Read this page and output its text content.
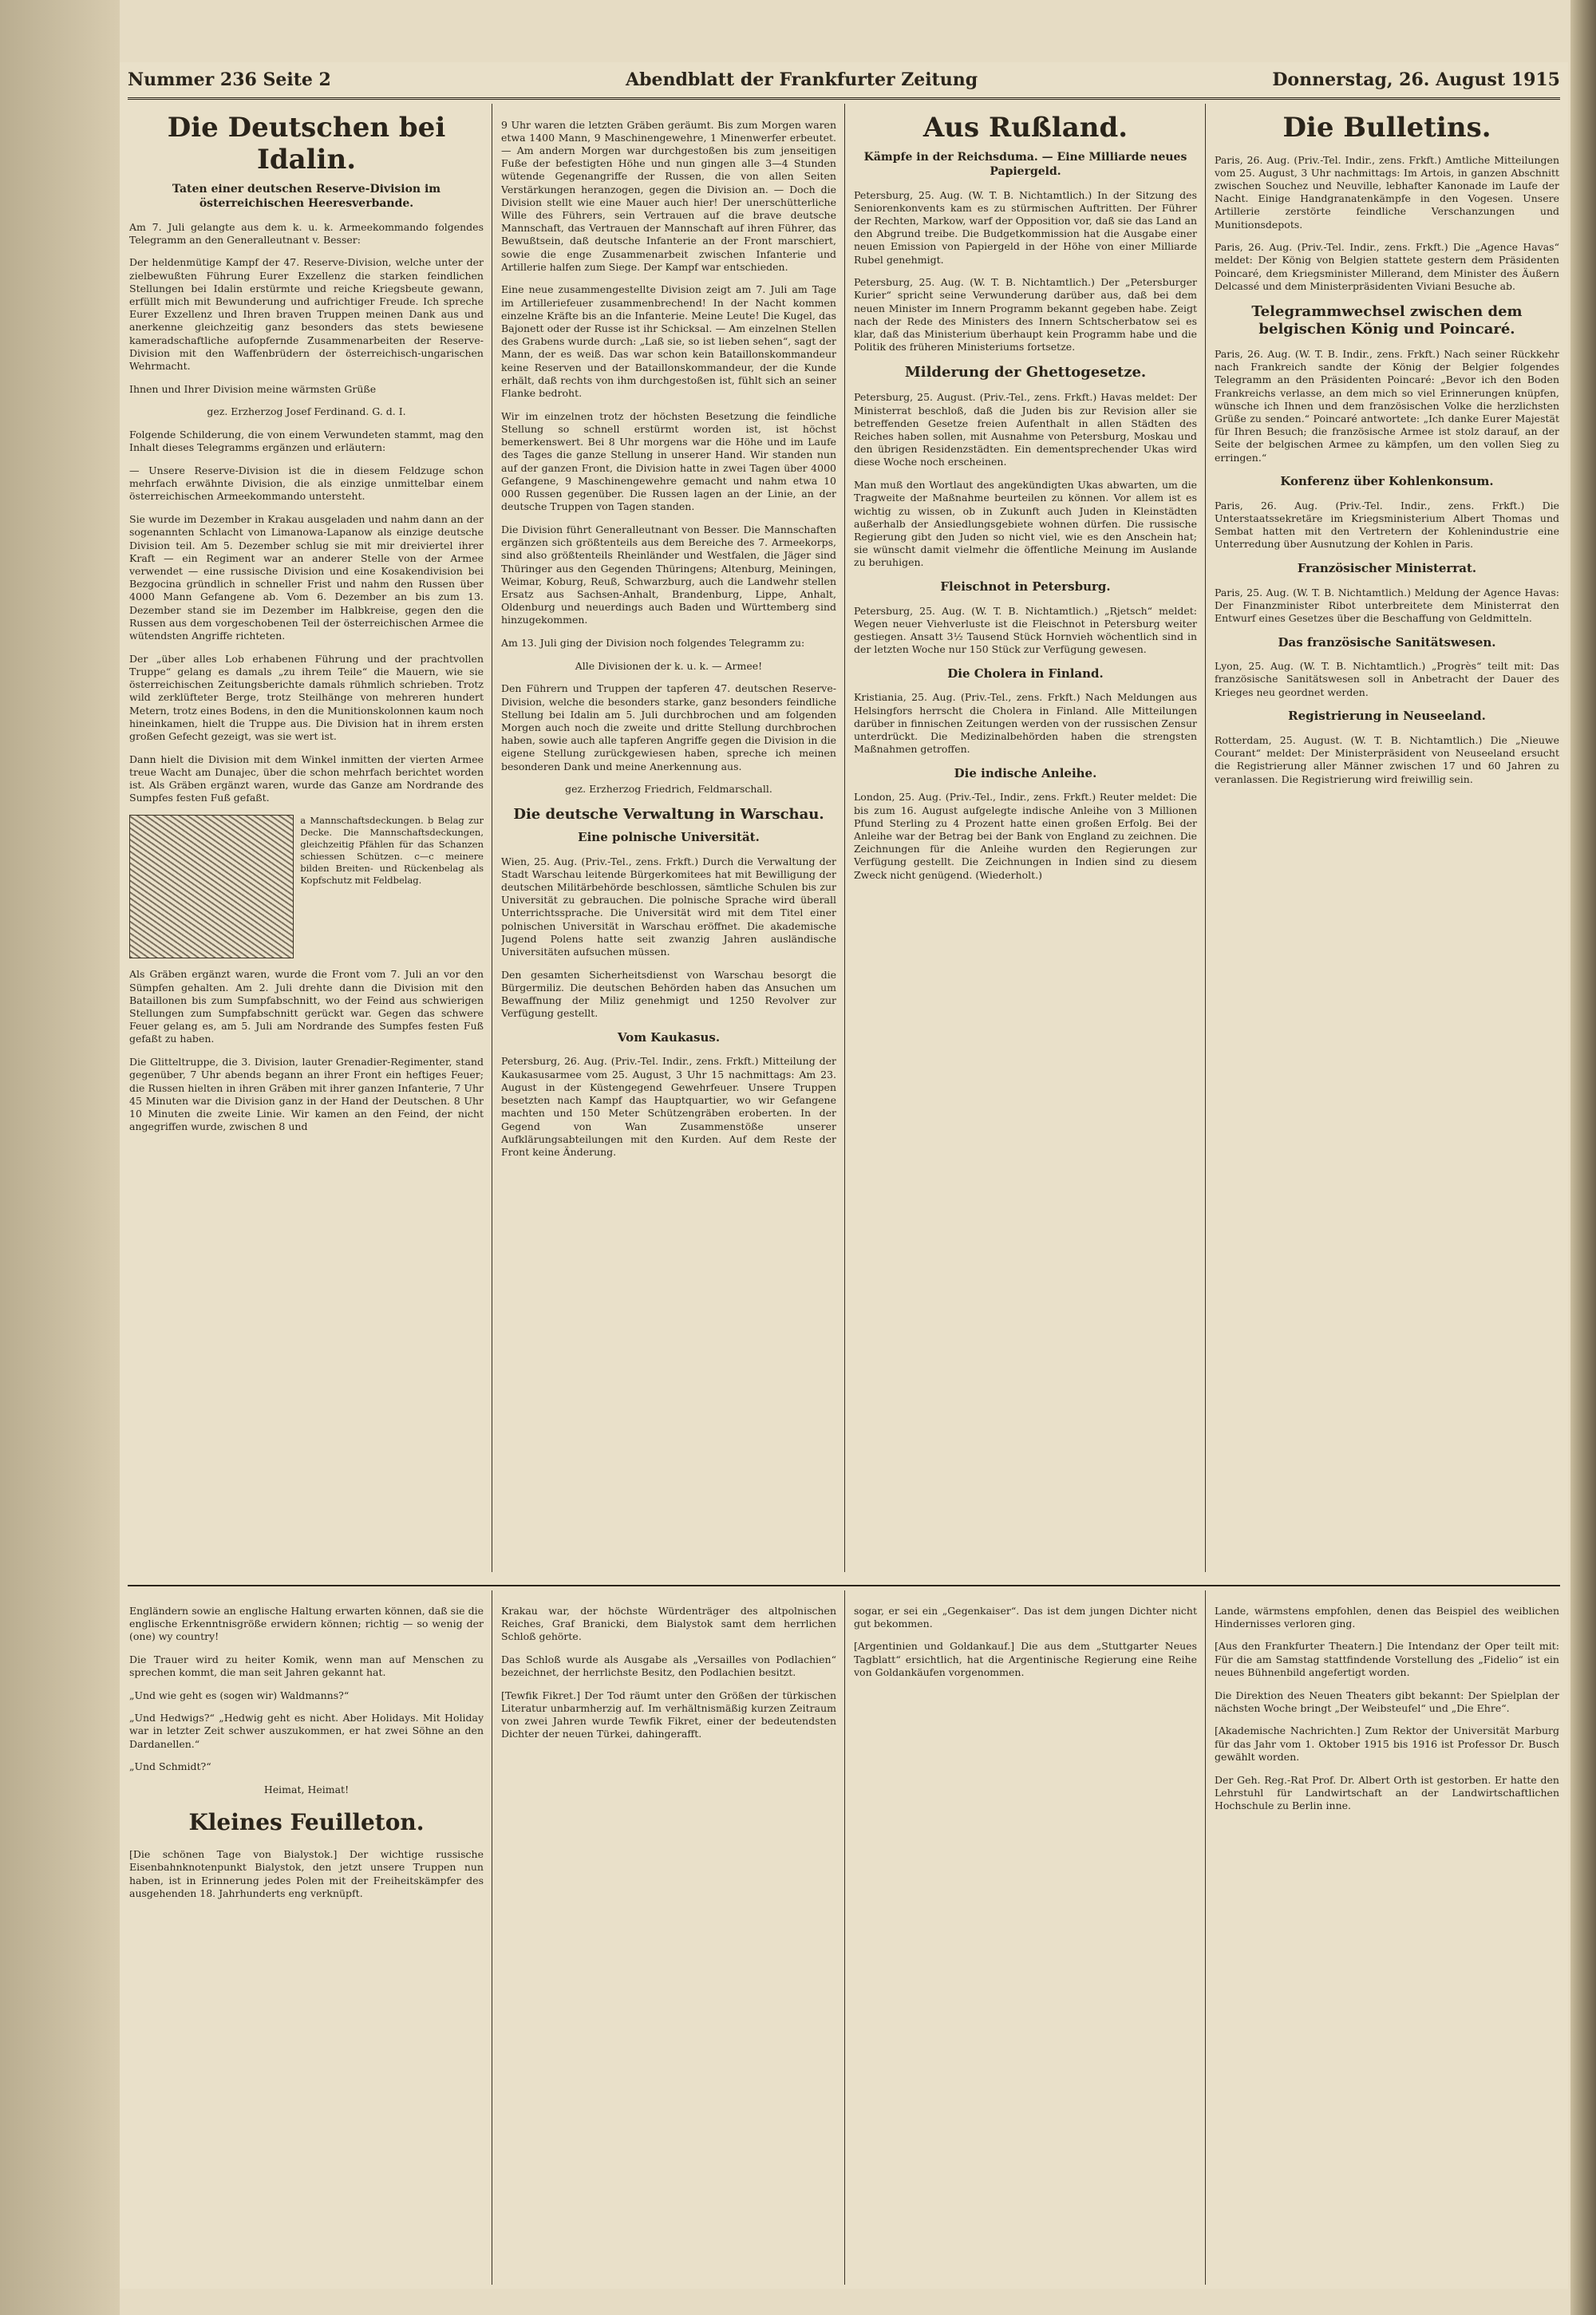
Nummer 236 Seite 2	Abendblatt der Frankfurter Zeitung	Donnerstag, 26. August 1915
Die Deutschen bei Idalin.
Taten einer deutschen Reserve-Division im österreichischen Heeresverbande.

Am 7. Juli gelangte aus dem k. u. k. Armeekommando folgendes Telegramm an den Generalleutnant v. Besser:

Der heldenmütige Kampf der 47. Reserve-Division, welche unter der zielbewußten Führung Eurer Exzellenz die starken feindlichen Stellungen bei Idalin erstürmte und reiche Kriegsbeute gewann, erfüllt mich mit Bewunderung und aufrichtiger Freude. Ich spreche Eurer Exzellenz und Ihren braven Truppen meinen Dank aus und anerkenne gleichzeitig ganz besonders das stets bewiesene kameradschaftliche aufopfernde Zusammenarbeiten der Reserve-Division mit den Waffenbrüdern der österreichisch-ungarischen Wehrmacht.

Ihnen und Ihrer Division meine wärmsten Grüße

gez. Erzherzog Josef Ferdinand. G. d. I.

Folgende Schilderung, die von einem Verwundeten stammt, mag den Inhalt dieses Telegramms ergänzen und erläutern:

— Unsere Reserve-Division ist die in diesem Feldzuge schon mehrfach erwähnte Division, die als einzige unmittelbar einem österreichischen Armeekommando untersteht.

Sie wurde im Dezember in Krakau ausgeladen und nahm dann an der sogenannten Schlacht von Limanowa-Lapanow als einzige deutsche Division teil. Am 5. Dezember schlug sie mit mir dreiviertel ihrer Kraft — ein Regiment war an anderer Stelle von der Armee verwendet — eine russische Division und eine Kosakendivision bei Bezgocina gründlich in schneller Frist und nahm den Russen über 4000 Mann Gefangene ab. Vom 6. Dezember an bis zum 13. Dezember stand sie im Dezember im Halbkreise, gegen den die Russen aus dem vorgeschobenen Teil der österreichischen Armee die wütendsten Angriffe richteten.

Der „über alles Lob erhabenen Führung und der prachtvollen Truppe“ gelang es damals „zu ihrem Teile“ die Mauern, wie sie österreichischen Zeitungsberichte damals rühmlich schrieben. Trotz wild zerklüfteter Berge, trotz Steilhänge von mehreren hundert Metern, trotz eines Bodens, in den die Munitionskolonnen kaum noch hineinkamen, hielt die Truppe aus. Die Division hat in ihrem ersten großen Gefecht gezeigt, was sie wert ist.

Dann hielt die Division mit dem Winkel inmitten der vierten Armee treue Wacht am Dunajec, über die schon mehrfach berichtet worden ist. Als Gräben ergänzt waren, wurde das Ganze am Nordrande des Sumpfes festen Fuß gefaßt.

a Mannschaftsdeckungen. b Belag zur Decke. Die Mannschaftsdeckungen, gleichzeitig Pfählen für das Schanzen schiessen Schützen. c—c meinere bilden Breiten- und Rückenbelag als Kopfschutz mit Feldbelag.

Als Gräben ergänzt waren, wurde die Front vom 7. Juli an vor den Sümpfen gehalten. Am 2. Juli drehte dann die Division mit den Bataillonen bis zum Sumpfabschnitt, wo der Feind aus schwierigen Stellungen zum Sumpfabschnitt gerückt war. Gegen das schwere Feuer gelang es, am 5. Juli am Nordrande des Sumpfes festen Fuß gefaßt zu haben.

Die Glitteltruppe, die 3. Division, lauter Grenadier-Regimenter, stand gegenüber, 7 Uhr abends begann an ihrer Front ein heftiges Feuer; die Russen hielten in ihren Gräben mit ihrer ganzen Infanterie, 7 Uhr 45 Minuten war die Division ganz in der Hand der Deutschen. 8 Uhr 10 Minuten die zweite Linie. Wir kamen an den Feind, der nicht angegriffen wurde, zwischen 8 und

9 Uhr waren die letzten Gräben geräumt. Bis zum Morgen waren etwa 1400 Mann, 9 Maschinengewehre, 1 Minenwerfer erbeutet. — Am andern Morgen war durchgestoßen bis zum jenseitigen Fuße der befestigten Höhe und nun gingen alle 3—4 Stunden wütende Gegenangriffe der Russen, die von allen Seiten Verstärkungen heranzogen, gegen die Division an. — Doch die Division stellt wie eine Mauer auch hier! Der unerschütterliche Wille des Führers, sein Vertrauen auf die brave deutsche Mannschaft, das Vertrauen der Mannschaft auf ihren Führer, das Bewußtsein, daß deutsche Infanterie an der Front marschiert, sowie die enge Zusammenarbeit zwischen Infanterie und Artillerie halfen zum Siege. Der Kampf war entschieden.

Eine neue zusammengestellte Division zeigt am 7. Juli am Tage im Artilleriefeuer zusammenbrechend! In der Nacht kommen einzelne Kräfte bis an die Infanterie. Meine Leute! Die Kugel, das Bajonett oder der Russe ist ihr Schicksal. — Am einzelnen Stellen des Grabens wurde durch: „Laß sie, so ist lieben sehen“, sagt der Mann, der es weiß. Das war schon kein Bataillonskommandeur keine Reserven und der Bataillonskommandeur, der die Kunde erhält, daß rechts von ihm durchgestoßen ist, fühlt sich an seiner Flanke bedroht.

Wir im einzelnen trotz der höchsten Besetzung die feindliche Stellung so schnell erstürmt worden ist, ist höchst bemerkenswert. Bei 8 Uhr morgens war die Höhe und im Laufe des Tages die ganze Stellung in unserer Hand. Wir standen nun auf der ganzen Front, die Division hatte in zwei Tagen über 4000 Gefangene, 9 Maschinengewehre gemacht und nahm etwa 10 000 Russen gegenüber. Die Russen lagen an der Linie, an der deutsche Truppen von Tagen standen.

Die Division führt Generalleutnant von Besser. Die Mannschaften ergänzen sich größtenteils aus dem Bereiche des 7. Armeekorps, sind also größtenteils Rheinländer und Westfalen, die Jäger sind Thüringer aus den Gegenden Thüringens; Altenburg, Meiningen, Weimar, Koburg, Reuß, Schwarzburg, auch die Landwehr stellen Ersatz aus Sachsen-Anhalt, Brandenburg, Lippe, Anhalt, Oldenburg und neuerdings auch Baden und Württemberg sind hinzugekommen.

Am 13. Juli ging der Division noch folgendes Telegramm zu:

Alle Divisionen der k. u. k. — Armee!

Den Führern und Truppen der tapferen 47. deutschen Reserve-Division, welche die besonders starke, ganz besonders feindliche Stellung bei Idalin am 5. Juli durchbrochen und am folgenden Morgen auch noch die zweite und dritte Stellung durchbrochen haben, sowie auch alle tapferen Angriffe gegen die Division in die eigene Stellung zurückgewiesen haben, spreche ich meinen besonderen Dank und meine Anerkennung aus.

gez. Erzherzog Friedrich, Feldmarschall.

Die deutsche Verwaltung in Warschau.
Eine polnische Universität.

Wien, 25. Aug. (Priv.-Tel., zens. Frkft.) Durch die Verwaltung der Stadt Warschau leitende Bürgerkomitees hat mit Bewilligung der deutschen Militärbehörde beschlossen, sämtliche Schulen bis zur Universität zu gebrauchen. Die polnische Sprache wird überall Unterrichtssprache. Die Universität wird mit dem Titel einer polnischen Universität in Warschau eröffnet. Die akademische Jugend Polens hatte seit zwanzig Jahren ausländische Universitäten aufsuchen müssen.

Den gesamten Sicherheitsdienst von Warschau besorgt die Bürgermiliz. Die deutschen Behörden haben das Ansuchen um Bewaffnung der Miliz genehmigt und 1250 Revolver zur Verfügung gestellt.

Vom Kaukasus.

Petersburg, 26. Aug. (Priv.-Tel. Indir., zens. Frkft.) Mitteilung der Kaukasusarmee vom 25. August, 3 Uhr 15 nachmittags: Am 23. August in der Küstengegend Gewehrfeuer. Unsere Truppen besetzten nach Kampf das Hauptquartier, wo wir Gefangene machten und 150 Meter Schützengräben eroberten. In der Gegend von Wan Zusammenstöße unserer Aufklärungsabteilungen mit den Kurden. Auf dem Reste der Front keine Änderung.

Aus Rußland.
Kämpfe in der Reichsduma. — Eine Milliarde neues Papiergeld.

Petersburg, 25. Aug. (W. T. B. Nichtamtlich.) In der Sitzung des Seniorenkonvents kam es zu stürmischen Auftritten. Der Führer der Rechten, Markow, warf der Opposition vor, daß sie das Land an den Abgrund treibe. Die Budgetkommission hat die Ausgabe einer neuen Emission von Papiergeld in der Höhe von einer Milliarde Rubel genehmigt.

Petersburg, 25. Aug. (W. T. B. Nichtamtlich.) Der „Petersburger Kurier“ spricht seine Verwunderung darüber aus, daß bei dem neuen Minister im Innern Programm bekannt gegeben habe. Zeigt nach der Rede des Ministers des Innern Schtscherbatow sei es klar, daß das Ministerium überhaupt kein Programm habe und die Politik des früheren Ministeriums fortsetze.

Milderung der Ghettogesetze.

Petersburg, 25. August. (Priv.-Tel., zens. Frkft.) Havas meldet: Der Ministerrat beschloß, daß die Juden bis zur Revision aller sie betreffenden Gesetze freien Aufenthalt in allen Städten des Reiches haben sollen, mit Ausnahme von Petersburg, Moskau und den übrigen Residenzstädten. Ein dementsprechender Ukas wird diese Woche noch erscheinen.

Man muß den Wortlaut des angekündigten Ukas abwarten, um die Tragweite der Maßnahme beurteilen zu können. Vor allem ist es wichtig zu wissen, ob in Zukunft auch Juden in Kleinstädten außerhalb der Ansiedlungsgebiete wohnen dürfen. Die russische Regierung gibt den Juden so nicht viel, wie es den Anschein hat; sie wünscht damit vielmehr die öffentliche Meinung im Auslande zu beruhigen.

Fleischnot in Petersburg.

Petersburg, 25. Aug. (W. T. B. Nichtamtlich.) „Rjetsch“ meldet: Wegen neuer Viehverluste ist die Fleischnot in Petersburg weiter gestiegen. Ansatt 3½ Tausend Stück Hornvieh wöchentlich sind in der letzten Woche nur 150 Stück zur Verfügung gewesen.

Die Cholera in Finland.

Kristiania, 25. Aug. (Priv.-Tel., zens. Frkft.) Nach Meldungen aus Helsingfors herrscht die Cholera in Finland. Alle Mitteilungen darüber in finnischen Zeitungen werden von der russischen Zensur unterdrückt. Die Medizinalbehörden haben die strengsten Maßnahmen getroffen.

Die indische Anleihe.

London, 25. Aug. (Priv.-Tel., Indir., zens. Frkft.) Reuter meldet: Die bis zum 16. August aufgelegte indische Anleihe von 3 Millionen Pfund Sterling zu 4 Prozent hatte einen großen Erfolg. Bei der Anleihe war der Betrag bei der Bank von England zu zeichnen. Die Zeichnungen für die Anleihe wurden den Regierungen zur Verfügung gestellt. Die Zeichnungen in Indien sind zu diesem Zweck nicht genügend. (Wiederholt.)

Die Bulletins.

Paris, 26. Aug. (Priv.-Tel. Indir., zens. Frkft.) Amtliche Mitteilungen vom 25. August, 3 Uhr nachmittags: Im Artois, in ganzen Abschnitt zwischen Souchez und Neuville, lebhafter Kanonade im Laufe der Nacht. Einige Handgranatenkämpfe in den Vogesen. Unsere Artillerie zerstörte feindliche Verschanzungen und Munitionsdepots.

Paris, 26. Aug. (Priv.-Tel. Indir., zens. Frkft.) Die „Agence Havas“ meldet: Der König von Belgien stattete gestern dem Präsidenten Poincaré, dem Kriegsminister Millerand, dem Minister des Äußern Delcassé und dem Ministerpräsidenten Viviani Besuche ab.

Telegrammwechsel zwischen dem belgischen König und Poincaré.

Paris, 26. Aug. (W. T. B. Indir., zens. Frkft.) Nach seiner Rückkehr nach Frankreich sandte der König der Belgier folgendes Telegramm an den Präsidenten Poincaré: „Bevor ich den Boden Frankreichs verlasse, an dem mich so viel Erinnerungen knüpfen, wünsche ich Ihnen und dem französischen Volke die herzlichsten Grüße zu senden.“ Poincaré antwortete: „Ich danke Eurer Majestät für Ihren Besuch; die französische Armee ist stolz darauf, an der Seite der belgischen Armee zu kämpfen, um den vollen Sieg zu erringen.“

Konferenz über Kohlenkonsum.

Paris, 26. Aug. (Priv.-Tel. Indir., zens. Frkft.) Die Unterstaatssekretäre im Kriegsministerium Albert Thomas und Sembat hatten mit den Vertretern der Kohlenindustrie eine Unterredung über Ausnutzung der Kohlen in Paris.

Französischer Ministerrat.

Paris, 25. Aug. (W. T. B. Nichtamtlich.) Meldung der Agence Havas: Der Finanzminister Ribot unterbreitete dem Ministerrat den Entwurf eines Gesetzes über die Beschaffung von Geldmitteln.

Das französische Sanitätswesen.

Lyon, 25. Aug. (W. T. B. Nichtamtlich.) „Progrès“ teilt mit: Das französische Sanitätswesen soll in Anbetracht der Dauer des Krieges neu geordnet werden.

Registrierung in Neuseeland.

Rotterdam, 25. August. (W. T. B. Nichtamtlich.) Die „Nieuwe Courant“ meldet: Der Ministerpräsident von Neuseeland ersucht die Registrierung aller Männer zwischen 17 und 60 Jahren zu veranlassen. Die Registrierung wird freiwillig sein.

Engländern sowie an englische Haltung erwarten können, daß sie die englische Erkenntnisgröße erwidern können; richtig — so wenig der (one) wy country!

Die Trauer wird zu heiter Komik, wenn man auf Menschen zu sprechen kommt, die man seit Jahren gekannt hat.

„Und wie geht es (sogen wir) Waldmanns?“

„Und Hedwigs?“ „Hedwig geht es nicht. Aber Holidays. Mit Holiday war in letzter Zeit schwer auszukommen, er hat zwei Söhne an den Dardanellen.“

„Und Schmidt?“

Heimat, Heimat!

Kleines Feuilleton.

[Die schönen Tage von Bialystok.] Der wichtige russische Eisenbahnknotenpunkt Bialystok, den jetzt unsere Truppen nun haben, ist in Erinnerung jedes Polen mit der Freiheitskämpfer des ausgehenden 18. Jahrhunderts eng verknüpft.

Krakau war, der höchste Würdenträger des altpolnischen Reiches, Graf Branicki, dem Bialystok samt dem herrlichen Schloß gehörte.

Das Schloß wurde als Ausgabe als „Versailles von Podlachien“ bezeichnet, der herrlichste Besitz, den Podlachien besitzt.

[Tewfik Fikret.] Der Tod räumt unter den Größen der türkischen Literatur unbarmherzig auf. Im verhältnismäßig kurzen Zeitraum von zwei Jahren wurde Tewfik Fikret, einer der bedeutendsten Dichter der neuen Türkei, dahingerafft.

sogar, er sei ein „Gegenkaiser“. Das ist dem jungen Dichter nicht gut bekommen.

[Argentinien und Goldankauf.] Die aus dem „Stuttgarter Neues Tagblatt“ ersichtlich, hat die Argentinische Regierung eine Reihe von Goldankäufen vorgenommen.

Lande, wärmstens empfohlen, denen das Beispiel des weiblichen Hindernisses verloren ging.

[Aus den Frankfurter Theatern.] Die Intendanz der Oper teilt mit: Für die am Samstag stattfindende Vorstellung des „Fidelio“ ist ein neues Bühnenbild angefertigt worden.

Die Direktion des Neuen Theaters gibt bekannt: Der Spielplan der nächsten Woche bringt „Der Weibsteufel“ und „Die Ehre“.

[Akademische Nachrichten.] Zum Rektor der Universität Marburg für das Jahr vom 1. Oktober 1915 bis 1916 ist Professor Dr. Busch gewählt worden.

Der Geh. Reg.-Rat Prof. Dr. Albert Orth ist gestorben. Er hatte den Lehrstuhl für Landwirtschaft an der Landwirtschaftlichen Hochschule zu Berlin inne.
